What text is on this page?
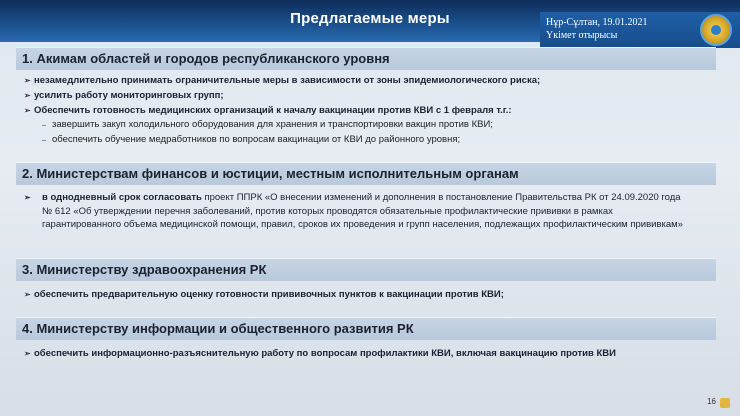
Предлагаемые меры	Нұр-Сұлтан, 19.01.2021
Үкімет отырысы
1. Акимам областей и городов республиканского уровня
➢ незамедлительно принимать ограничительные меры в зависимости от зоны эпидемиологического риска;
➢ усилить работу мониторинговых групп;
➢ Обеспечить готовность медицинских организаций к началу вакцинации против КВИ с 1 февраля т.г.:
– завершить закуп холодильного оборудования для хранения и транспортировки вакцин против КВИ;
– обеспечить обучение медработников по вопросам вакцинации от КВИ до районного уровня;
2. Министерствам финансов и юстиции, местным исполнительным органам
➢	в однодневный срок согласовать проект ППРК «О внесении изменений и дополнения в постановление Правительства РК от 24.09.2020 года № 612 «Об утверждении перечня заболеваний, против которых проводятся обязательные профилактические прививки в рамках гарантированного объема медицинской помощи, правил, сроков их проведения и групп населения, подлежащих профилактическим прививкам»
3. Министерству здравоохранения РК
➢ обеспечить предварительную оценку готовности прививочных пунктов к вакцинации против КВИ;
4. Министерству информации и общественного развития РК
➢ обеспечить информационно-разъяснительную работу по вопросам профилактики КВИ, включая вакцинацию против КВИ
16
